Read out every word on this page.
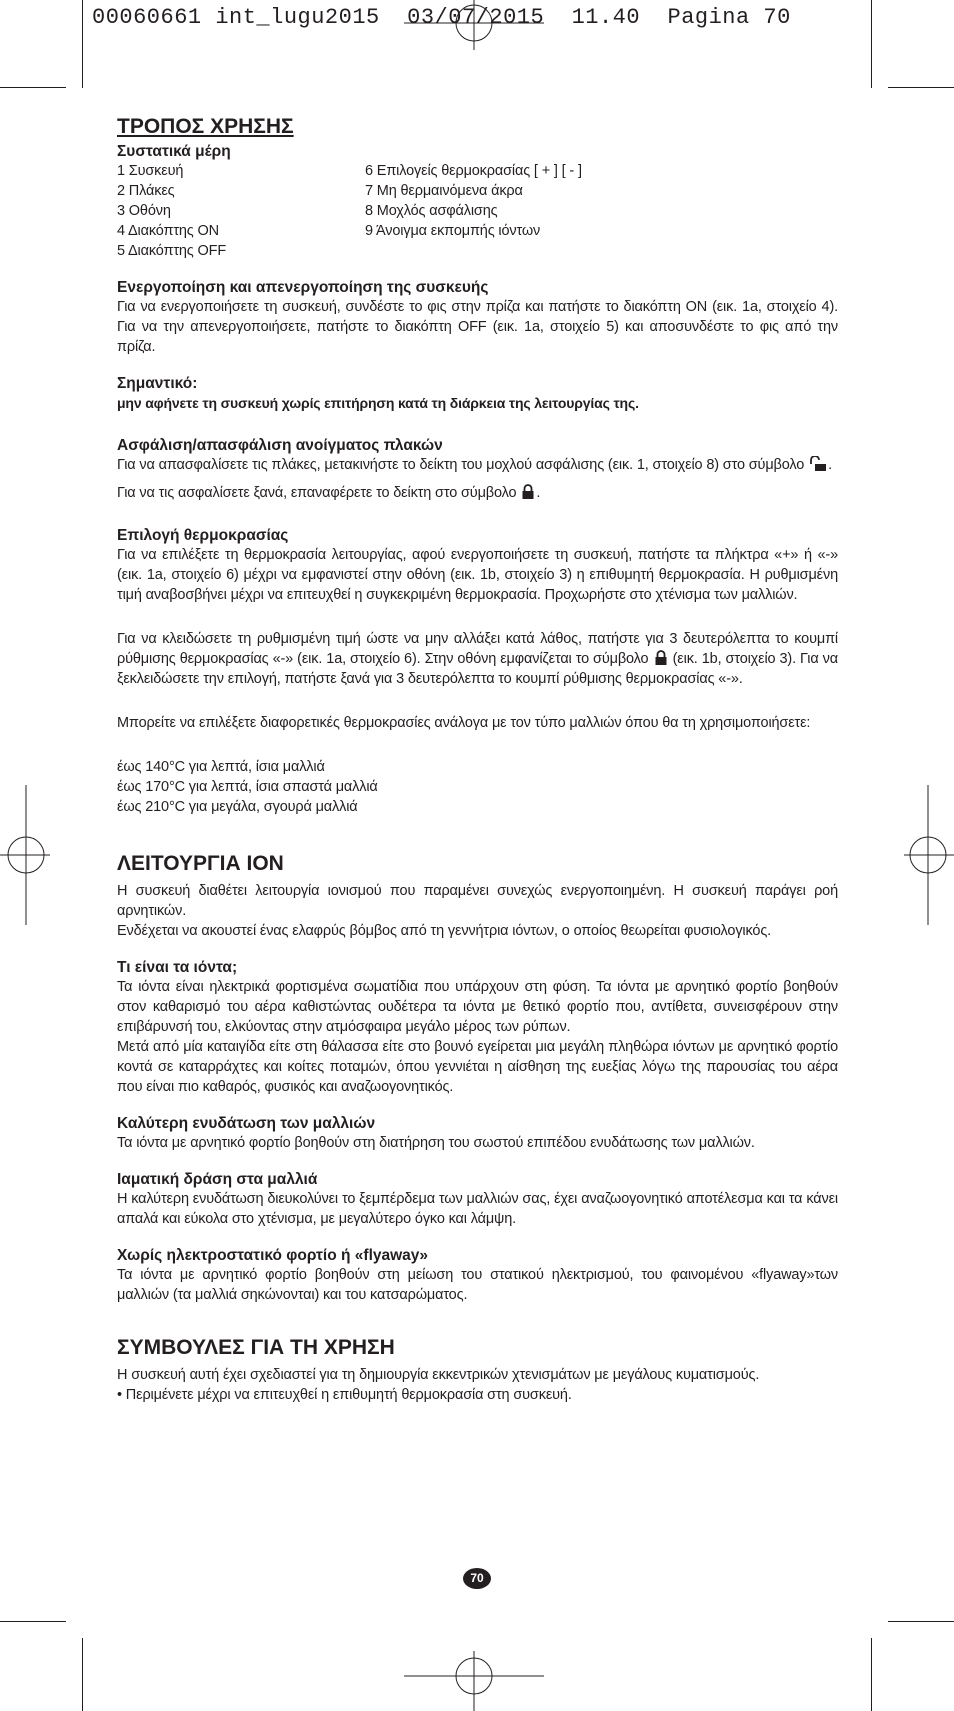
00060661 int_lugu2015  03/07/2015  11.40  Pagina 70
ΤΡΟΠΟΣ ΧΡΗΣΗΣ
Συστατικά μέρη
1 Συσκευή
2 Πλάκες
3 Οθόνη
4 Διακόπτης ON
5 Διακόπτης OFF
6 Επιλογείς θερμοκρασίας [ + ] [ - ]
7 Μη θερμαινόμενα άκρα
8 Μοχλός ασφάλισης
9 Άνοιγμα εκπομπής ιόντων
Ενεργοποίηση και απενεργοποίηση της συσκευής

Για να ενεργοποιήσετε τη συσκευή, συνδέστε το φις στην πρίζα και πατήστε το διακόπτη ON (εικ. 1a, στοιχείο 4). Για να την απενεργοποιήσετε, πατήστε το διακόπτη OFF (εικ. 1a, στοιχείο 5) και αποσυνδέστε το φις από την πρίζα.

Σημαντικό:

μην αφήνετε τη συσκευή χωρίς επιτήρηση κατά τη διάρκεια της λειτουργίας της.

Ασφάλιση/απασφάλιση ανοίγματος πλακών

Για να απασφαλίσετε τις πλάκες, μετακινήστε το δείκτη του μοχλού ασφάλισης (εικ. 1, στοιχείο 8) στο σύμβολο .

Για να τις ασφαλίσετε ξανά, επαναφέρετε το δείκτη στο σύμβολο .

Επιλογή θερμοκρασίας

Για να επιλέξετε τη θερμοκρασία λειτουργίας, αφού ενεργοποιήσετε τη συσκευή, πατήστε τα πλήκτρα «+» ή «-» (εικ. 1a, στοιχείο 6) μέχρι να εμφανιστεί στην οθόνη (εικ. 1b, στοιχείο 3) η επιθυμητή θερμοκρασία. Η ρυθμισμένη τιμή αναβοσβήνει μέχρι να επιτευχθεί η συγκεκριμένη θερμοκρασία. Προχωρήστε στο χτένισμα των μαλλιών.

Για να κλειδώσετε τη ρυθμισμένη τιμή ώστε να μην αλλάξει κατά λάθος, πατήστε για 3 δευτερόλεπτα το κουμπί ρύθμισης θερμοκρασίας «-» (εικ. 1a, στοιχείο 6). Στην οθόνη εμφανίζεται το σύμβολο (εικ. 1b, στοιχείο 3). Για να ξεκλειδώσετε την επιλογή, πατήστε ξανά για 3 δευτερόλεπτα το κουμπί ρύθμισης θερμοκρασίας «-».

Μπορείτε να επιλέξετε διαφορετικές θερμοκρασίες ανάλογα με τον τύπο μαλλιών όπου θα τη χρησιμοποιήσετε:

έως 140°C για λεπτά, ίσια μαλλιά
έως 170°C για λεπτά, ίσια σπαστά μαλλιά
έως 210°C για μεγάλα, σγουρά μαλλιά
ΛΕΙΤΟΥΡΓΙΑ ΙΟΝ

Η συσκευή διαθέτει λειτουργία ιονισμού που παραμένει συνεχώς ενεργοποιημένη. Η συσκευή παράγει ροή αρνητικών.

Ενδέχεται να ακουστεί ένας ελαφρύς βόμβος από τη γεννήτρια ιόντων, ο οποίος θεωρείται φυσιολογικός.

Τι είναι τα ιόντα;

Τα ιόντα είναι ηλεκτρικά φορτισμένα σωματίδια που υπάρχουν στη φύση. Τα ιόντα με αρνητικό φορτίο βοηθούν στον καθαρισμό του αέρα καθιστώντας ουδέτερα τα ιόντα με θετικό φορτίο που, αντίθετα, συνεισφέρουν στην επιβάρυνσή του, ελκύοντας στην ατμόσφαιρα μεγάλο μέρος των ρύπων.

Μετά από μία καταιγίδα είτε στη θάλασσα είτε στο βουνό εγείρεται μια μεγάλη πληθώρα ιόντων με αρνητικό φορτίο κοντά σε καταρράχτες και κοίτες ποταμών, όπου γεννιέται η αίσθηση της ευεξίας λόγω της παρουσίας του αέρα που είναι πιο καθαρός, φυσικός και αναζωογονητικός.

Καλύτερη ενυδάτωση των μαλλιών

Τα ιόντα με αρνητικό φορτίο βοηθούν στη διατήρηση του σωστού επιπέδου ενυδάτωσης των μαλλιών.

Ιαματική δράση στα μαλλιά

Η καλύτερη ενυδάτωση διευκολύνει το ξεμπέρδεμα των μαλλιών σας, έχει αναζωογονητικό αποτέλεσμα και τα κάνει απαλά και εύκολα στο χτένισμα, με μεγαλύτερο όγκο και λάμψη.

Χωρίς ηλεκτροστατικό φορτίο ή «flyaway»

Τα ιόντα με αρνητικό φορτίο βοηθούν στη μείωση του στατικού ηλεκτρισμού, του φαινομένου «flyaway»των μαλλιών (τα μαλλιά σηκώνονται) και του κατσαρώματος.

ΣΥΜΒΟΥΛΕΣ ΓΙΑ ΤΗ ΧΡΗΣΗ

Η συσκευή αυτή έχει σχεδιαστεί για τη δημιουργία εκκεντρικών χτενισμάτων με μεγάλους κυματισμούς.

• Περιμένετε μέχρι να επιτευχθεί η επιθυμητή θερμοκρασία στη συσκευή.
70
